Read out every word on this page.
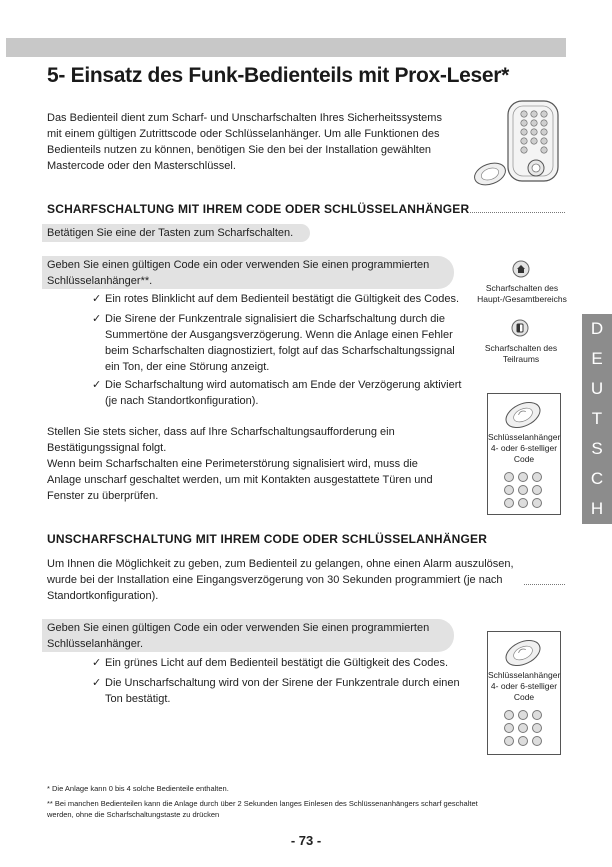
5- Einsatz des Funk-Bedienteils mit Prox-Leser*
Das Bedienteil dient zum Scharf- und Unscharfschalten Ihres Sicherheitssystems
mit einem gültigen Zutrittscode oder Schlüsselanhänger. Um alle Funktionen des
Bedienteils nutzen zu können, benötigen Sie den bei der Installation gewählten
Mastercode oder den Masterschlüssel.
SCHARFSCHALTUNG MIT IHREM CODE ODER SCHLÜSSELANHÄNGER
Betätigen Sie eine der Tasten zum Scharfschalten.
Geben Sie einen gültigen Code ein oder verwenden Sie einen programmierten
Schlüsselanhänger**.
✓ Ein rotes Blinklicht auf dem Bedienteil bestätigt die Gültigkeit des Codes.
✓ Die Sirene der Funkzentrale signalisiert die Scharfschaltung durch die
Summertöne der Ausgangsverzögerung. Wenn die Anlage einen Fehler
beim Scharfschalten diagnostiziert, folgt auf das Scharfschaltungssignal
ein Ton, der eine Störung anzeigt.
✓ Die Scharfschaltung wird automatisch am Ende der Verzögerung aktiviert
(je nach Standortkonfiguration).
Stellen Sie stets sicher, dass auf Ihre Scharfschaltungsaufforderung ein
Bestätigungssignal folgt.
Wenn beim Scharfschalten eine Perimeterstörung signalisiert wird, muss die
Anlage unscharf geschaltet werden, um mit Kontakten ausgestattete Türen und
Fenster zu überprüfen.
Scharfschalten des
Haupt-/Gesamtbereichs
Scharfschalten des
Teilraums
Schlüsselanhänger
4- oder 6-stelliger
Code
D
E
U
T
S
C
H
UNSCHARFSCHALTUNG MIT IHREM CODE ODER SCHLÜSSELANHÄNGER
Um Ihnen die Möglichkeit zu geben, zum Bedienteil zu gelangen, ohne einen Alarm auszulösen,
wurde bei der Installation eine Eingangsverzögerung von 30 Sekunden programmiert (je nach
Standortkonfiguration).
Geben Sie einen gültigen Code ein oder verwenden Sie einen programmierten
Schlüsselanhänger.
✓ Ein grünes Licht auf dem Bedienteil bestätigt die Gültigkeit des Codes.
✓ Die Unscharfschaltung wird von der Sirene der Funkzentrale durch einen
Ton bestätigt.
Schlüsselanhänger
4- oder 6-stelliger
Code
* Die Anlage kann 0 bis 4 solche Bedienteile enthalten.
** Bei manchen Bedienteilen kann die Anlage durch über 2 Sekunden langes Einlesen des Schlüssenanhängers scharf geschaltet
werden, ohne die Scharfschaltungstaste zu drücken
- 73 -
